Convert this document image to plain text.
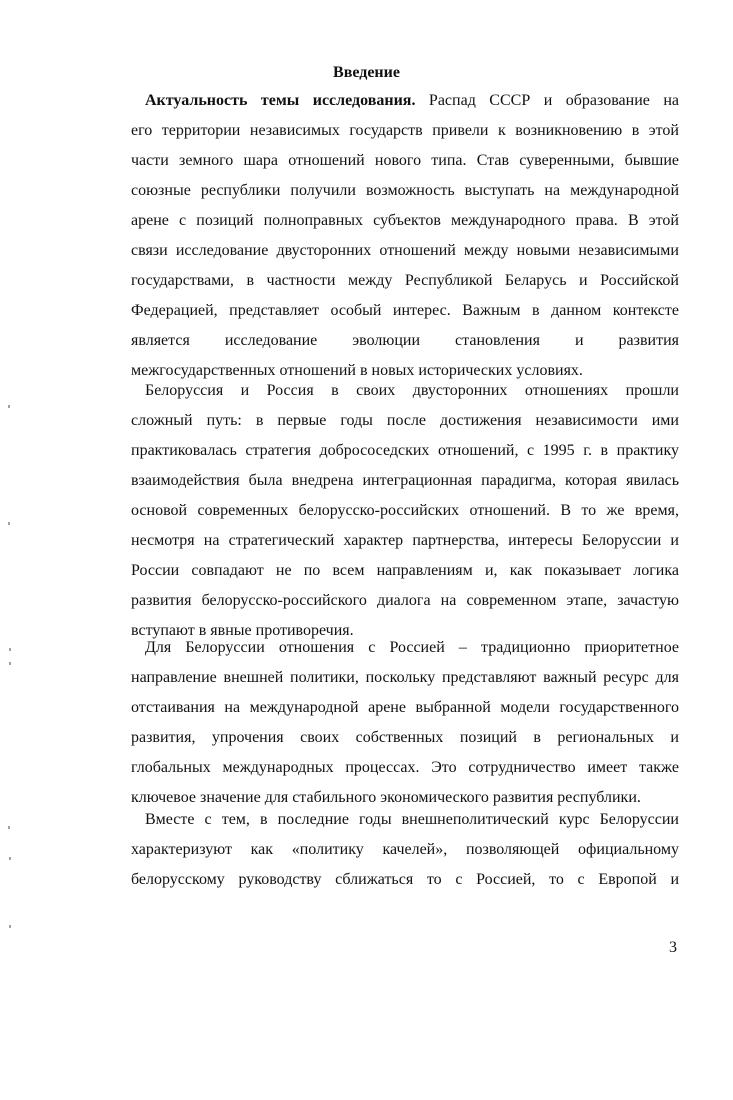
Введение
Актуальность темы исследования. Распад СССР и образование на
его территории независимых государств привели к возникновению в этой
части земного шара отношений нового типа. Став суверенными, бывшие
союзные республики получили возможность выступать на международной
арене с позиций полноправных субъектов международного права. В этой
связи исследование двусторонних отношений между новыми независимыми
государствами, в частности между Республикой Беларусь и Российской
Федерацией, представляет особый интерес. Важным в данном контексте
является исследование эволюции становления и развития
межгосударственных отношений в новых исторических условиях.
Белоруссия и Россия в своих двусторонних отношениях прошли
сложный путь: в первые годы после достижения независимости ими
практиковалась стратегия добрососедских отношений, с 1995 г. в практику
взаимодействия была внедрена интеграционная парадигма, которая явилась
основой современных белорусско-российских отношений. В то же время,
несмотря на стратегический характер партнерства, интересы Белоруссии и
России совпадают не по всем направлениям и, как показывает логика
развития белорусско-российского диалога на современном этапе, зачастую
вступают в явные противоречия.
Для Белоруссии отношения с Россией – традиционно приоритетное
направление внешней политики, поскольку представляют важный ресурс для
отстаивания на международной арене выбранной модели государственного
развития, упрочения своих собственных позиций в региональных и
глобальных международных процессах. Это сотрудничество имеет также
ключевое значение для стабильного экономического развития республики.
Вместе с тем, в последние годы внешнеполитический курс Белоруссии
характеризуют как «политику качелей», позволяющей официальному
белорусскому руководству сближаться то с Россией, то с Европой и
3
